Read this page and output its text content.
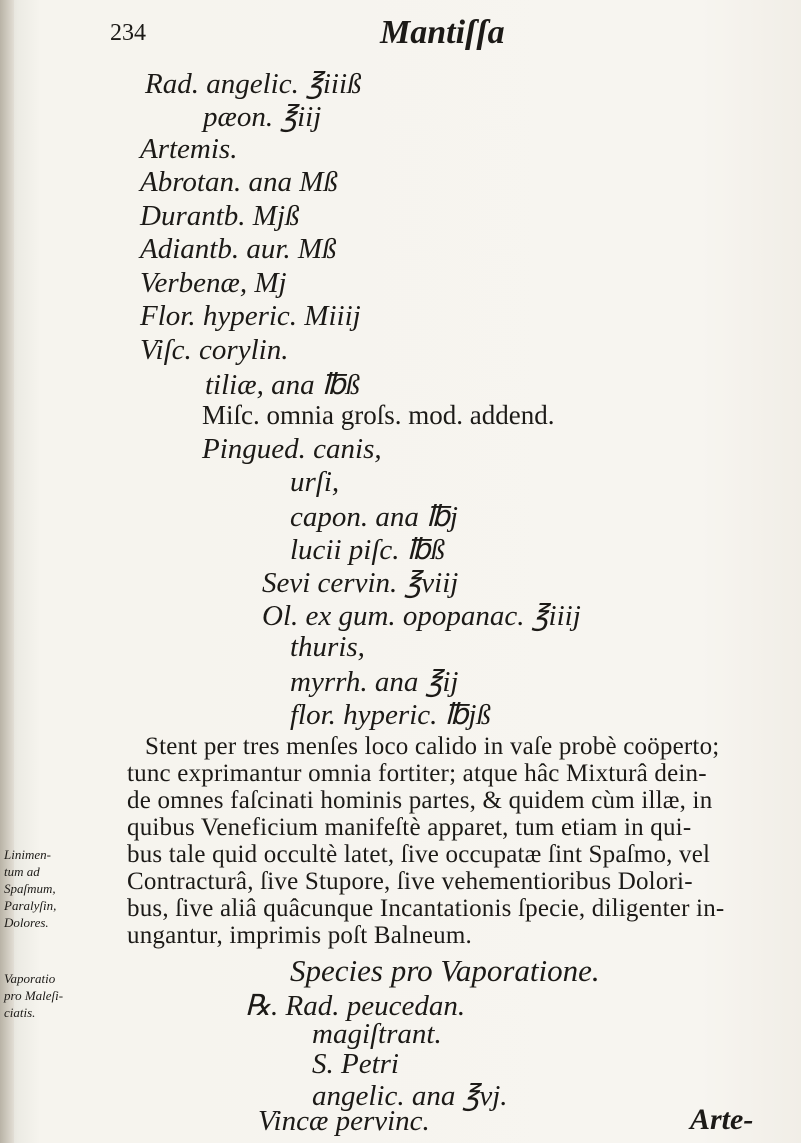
234	Mantiſſa
Rad. angelic. ℥iiiß
pæon. ℥iij
Artemis.
Abrotan. ana Mß
Durantb. Mjß
Adiantb. aur. Mß
Verbenæ, Mj
Flor. hyperic. Miiij
Viſc. corylin.
tiliæ, ana ℔ß
Miſc. omnia groſs. mod. addend.
Pingued. canis,
urſi,
capon. ana ℔j
lucii piſc. ℔ß
Sevi cervin. ℥viij
Ol. ex gum. opopanac. ℥iiij
thuris,
myrrh. ana ℥ij
flor. hyperic. ℔jß
Stent per tres menſes loco calido in vaſe probè coöperto;
tunc exprimantur omnia fortiter; atque hâc Mixturâ dein-
de omnes faſcinati hominis partes, & quidem cùm illæ, in
quibus Veneficium manifeſtè apparet, tum etiam in qui-
bus tale quid occultè latet, ſive occupatæ ſint Spaſmo, vel
Contracturâ, ſive Stupore, ſive vehementioribus Dolori-
bus, ſive aliâ quâcunque Incantationis ſpecie, diligenter in-
ungantur, imprimis poſt Balneum.
Species pro Vaporatione.
℞. Rad. peucedan.
magiſtrant.
S. Petri
angelic. ana ℥vj.
Vincæ pervinc.	Arte-
Linimen-
tum ad
Spaſmum,
Paralyſin,
Dolores.
Vaporatio
pro Maleſi-
ciatis.
